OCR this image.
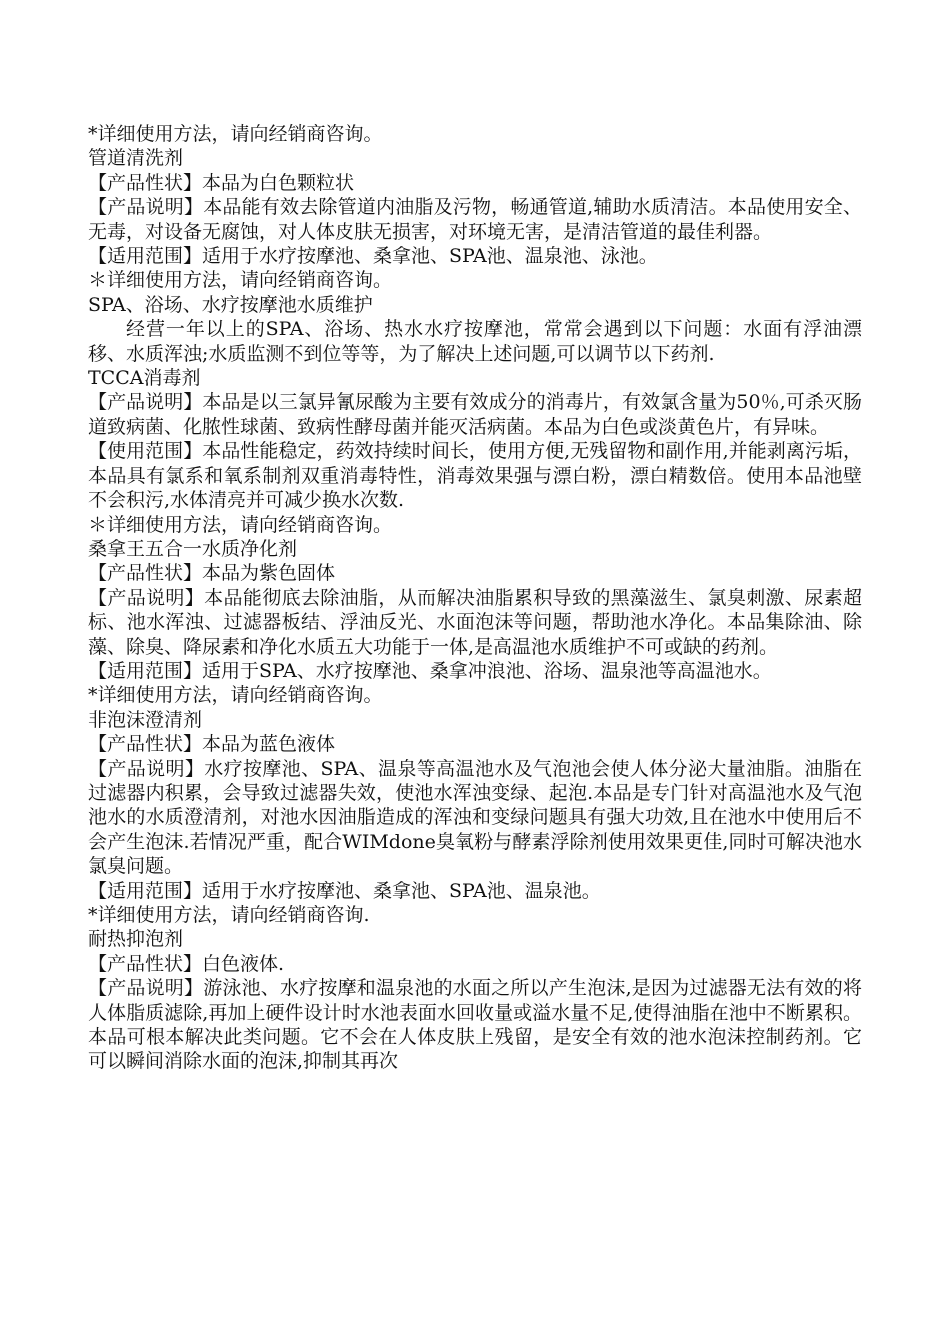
*详细使用方法，请向经销商咨询。

管道清洗剂

【产品性状】本品为白色颗粒状

【产品说明】本品能有效去除管道内油脂及污物，畅通管道,辅助水质清洁。本品使用安全、无毒，对设备无腐蚀，对人体皮肤无损害，对环境无害，是清洁管道的最佳利器。

【适用范围】适用于水疗按摩池、桑拿池、SPA池、温泉池、泳池。

＊详细使用方法，请向经销商咨询。

SPA、浴场、水疗按摩池水质维护

经营一年以上的SPA、浴场、热水水疗按摩池，常常会遇到以下问题：水面有浮油漂移、水质浑浊;水质监测不到位等等，为了解决上述问题,可以调节以下药剂.

TCCA消毒剂

【产品说明】本品是以三氯异氰尿酸为主要有效成分的消毒片，有效氯含量为50％,可杀灭肠道致病菌、化脓性球菌、致病性酵母菌并能灭活病菌。本品为白色或淡黄色片，有异味。

【使用范围】本品性能稳定，药效持续时间长，使用方便,无残留物和副作用,并能剥离污垢，本品具有氯系和氧系制剂双重消毒特性，消毒效果强与漂白粉，漂白精数倍。使用本品池壁不会积污,水体清亮并可减少换水次数.

＊详细使用方法，请向经销商咨询。

桑拿王五合一水质净化剂

【产品性状】本品为紫色固体

【产品说明】本品能彻底去除油脂，从而解决油脂累积导致的黑藻滋生、氯臭刺激、尿素超标、池水浑浊、过滤器板结、浮油反光、水面泡沫等问题，帮助池水净化。本品集除油、除藻、除臭、降尿素和净化水质五大功能于一体,是高温池水质维护不可或缺的药剂。

【适用范围】适用于SPA、水疗按摩池、桑拿冲浪池、浴场、温泉池等高温池水。

*详细使用方法，请向经销商咨询。

非泡沫澄清剂

【产品性状】本品为蓝色液体

【产品说明】水疗按摩池、SPA、温泉等高温池水及气泡池会使人体分泌大量油脂。油脂在过滤器内积累，会导致过滤器失效，使池水浑浊变绿、起泡.本品是专门针对高温池水及气泡池水的水质澄清剂，对池水因油脂造成的浑浊和变绿问题具有强大功效,且在池水中使用后不会产生泡沫.若情况严重，配合WIMdone臭氧粉与酵素浮除剂使用效果更佳,同时可解决池水氯臭问题。

【适用范围】适用于水疗按摩池、桑拿池、SPA池、温泉池。

*详细使用方法，请向经销商咨询.

耐热抑泡剂

【产品性状】白色液体.

【产品说明】游泳池、水疗按摩和温泉池的水面之所以产生泡沫,是因为过滤器无法有效的将人体脂质滤除,再加上硬件设计时水池表面水回收量或溢水量不足,使得油脂在池中不断累积。本品可根本解决此类问题。它不会在人体皮肤上残留，是安全有效的池水泡沫控制药剂。它可以瞬间消除水面的泡沫,抑制其再次
